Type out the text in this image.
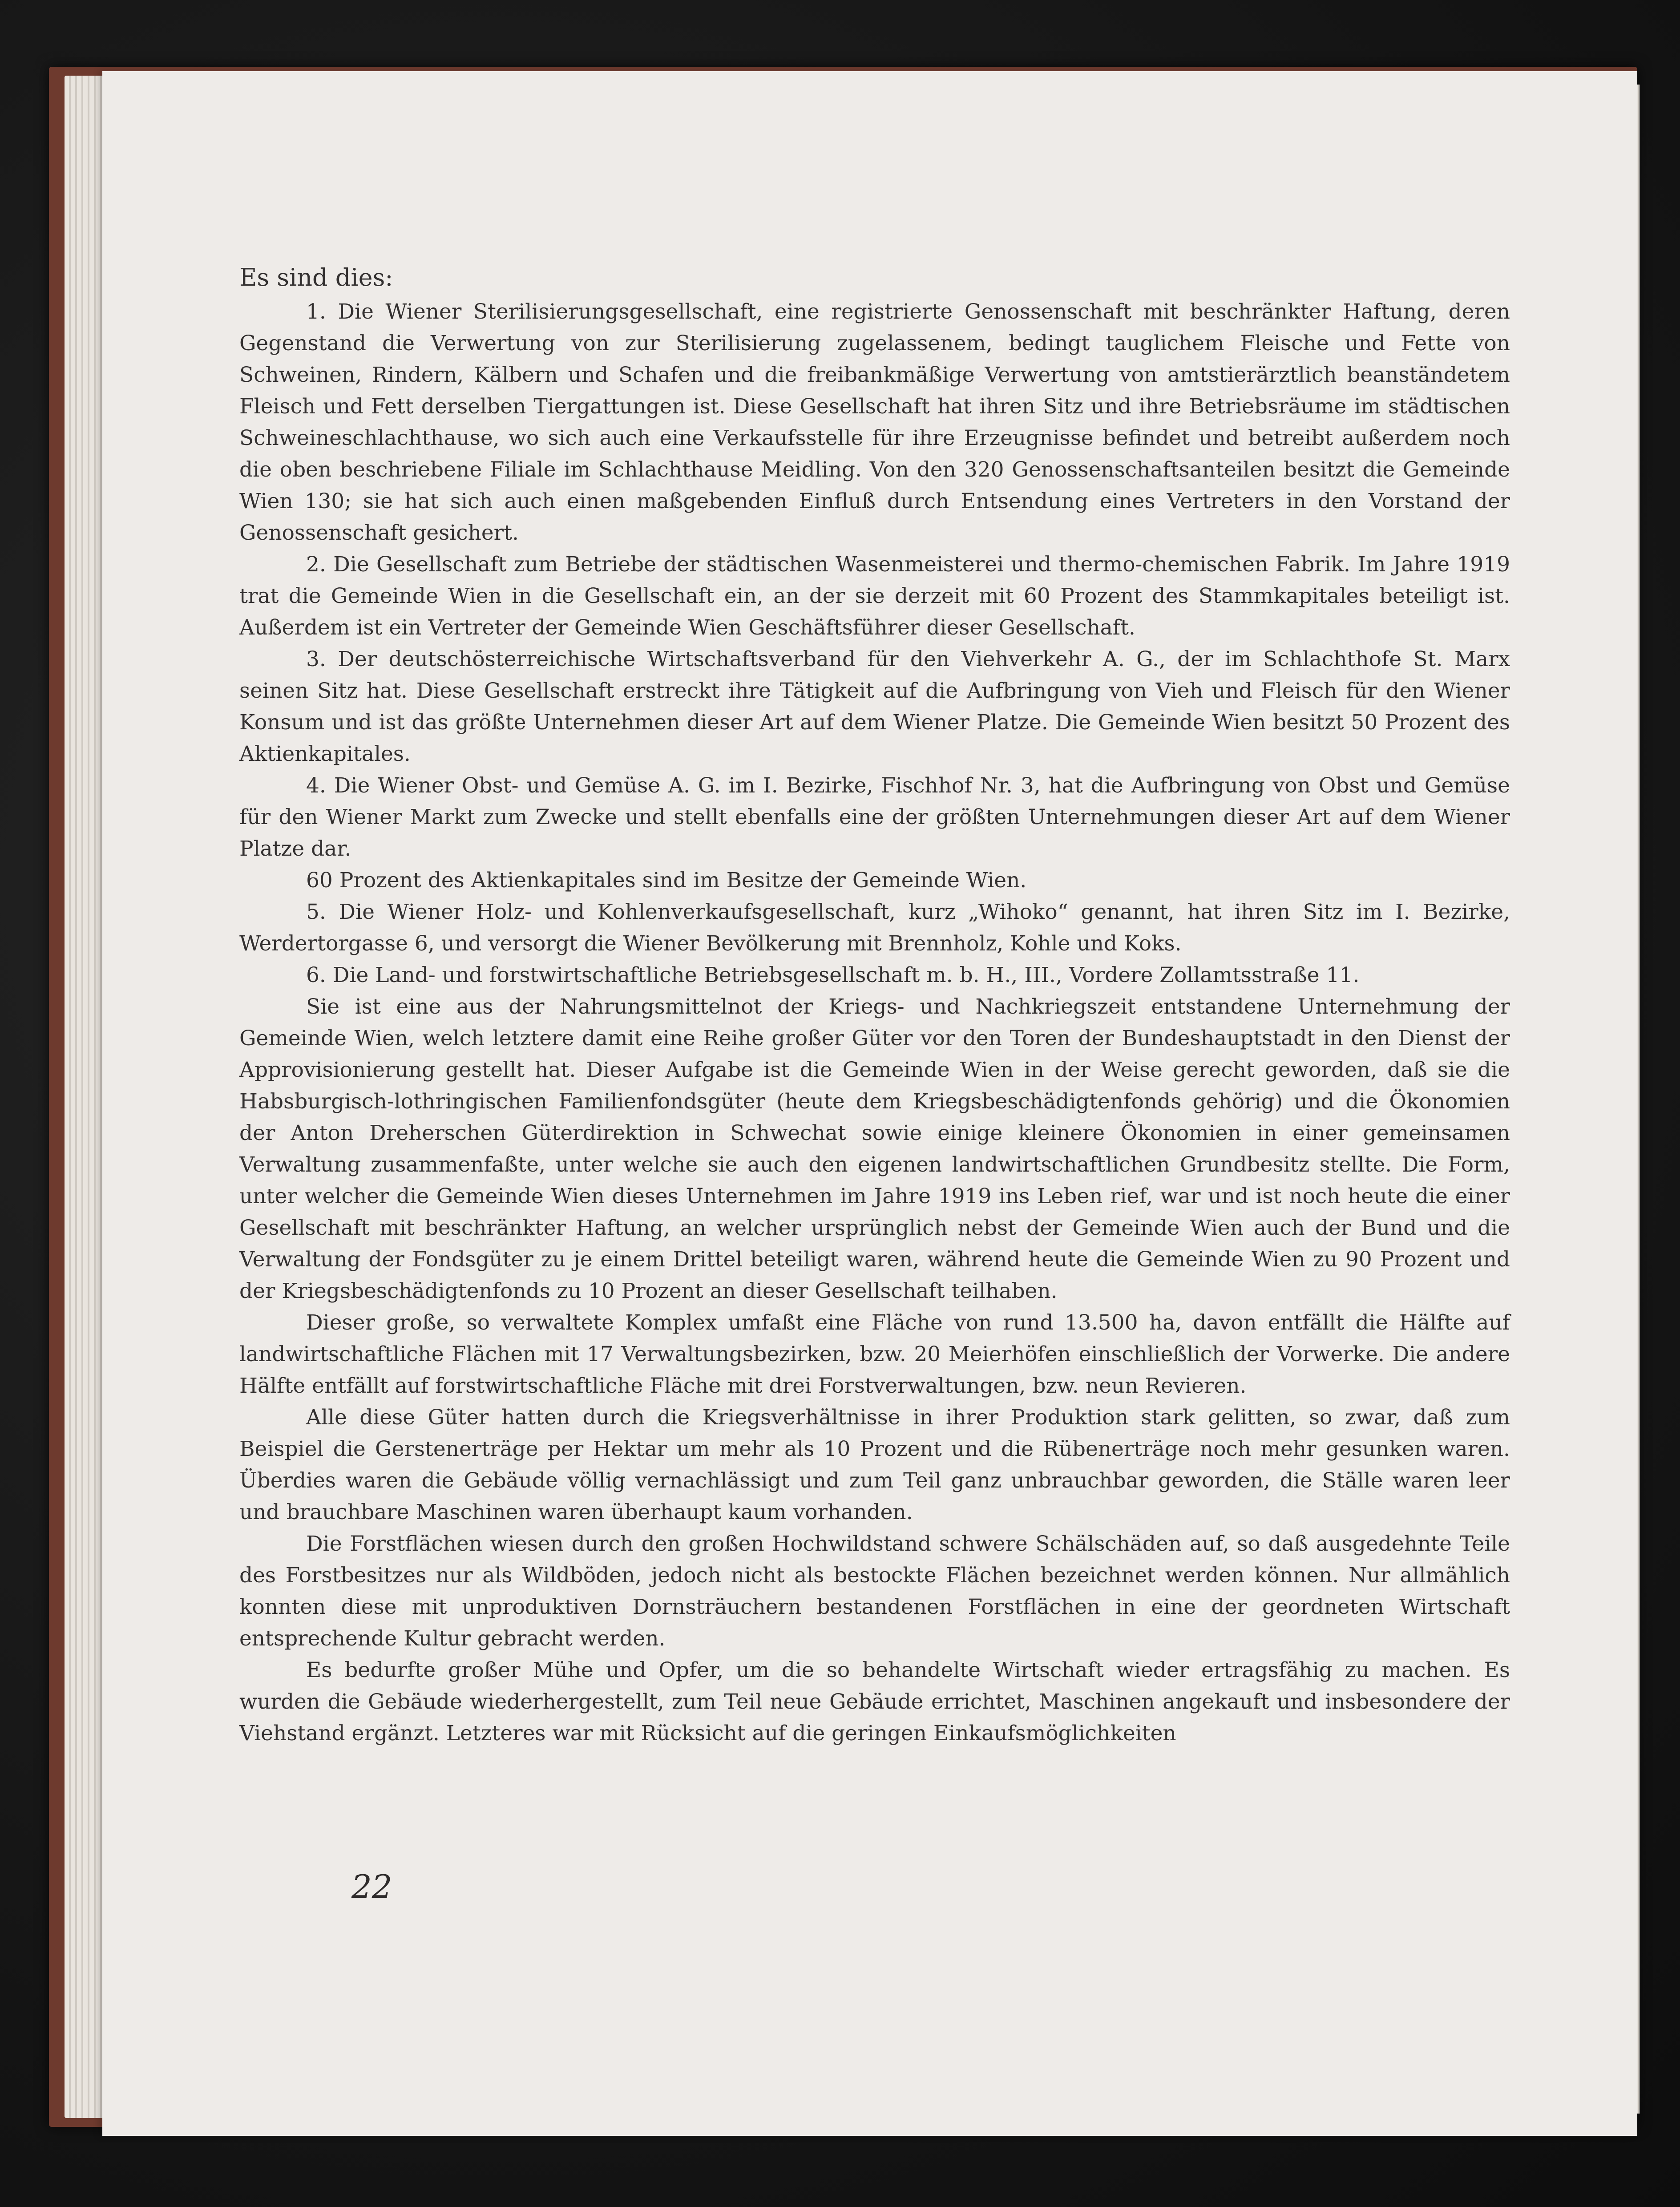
Es sind dies:

1. Die Wiener Sterilisierungsgesellschaft, eine registrierte Genossenschaft mit beschränkter Haftung, deren Gegenstand die Verwertung von zur Sterilisierung zugelassenem, bedingt tauglichem Fleische und Fette von Schweinen, Rindern, Kälbern und Schafen und die freibankmäßige Verwertung von amtstierärztlich beanständetem Fleisch und Fett derselben Tiergattungen ist. Diese Gesellschaft hat ihren Sitz und ihre Betriebsräume im städtischen Schweineschlachthause, wo sich auch eine Verkaufsstelle für ihre Erzeugnisse befindet und betreibt außerdem noch die oben beschriebene Filiale im Schlachthause Meidling. Von den 320 Genossenschaftsanteilen besitzt die Gemeinde Wien 130; sie hat sich auch einen maßgebenden Einfluß durch Entsendung eines Vertreters in den Vorstand der Genossenschaft gesichert.

2. Die Gesellschaft zum Betriebe der städtischen Wasenmeisterei und thermo-chemischen Fabrik. Im Jahre 1919 trat die Gemeinde Wien in die Gesellschaft ein, an der sie derzeit mit 60 Prozent des Stammkapitales beteiligt ist. Außerdem ist ein Vertreter der Gemeinde Wien Geschäftsführer dieser Gesellschaft.

3. Der deutschösterreichische Wirtschaftsverband für den Viehverkehr A. G., der im Schlachthofe St. Marx seinen Sitz hat. Diese Gesellschaft erstreckt ihre Tätigkeit auf die Aufbringung von Vieh und Fleisch für den Wiener Konsum und ist das größte Unternehmen dieser Art auf dem Wiener Platze. Die Gemeinde Wien besitzt 50 Prozent des Aktienkapitales.

4. Die Wiener Obst- und Gemüse A. G. im I. Bezirke, Fischhof Nr. 3, hat die Aufbringung von Obst und Gemüse für den Wiener Markt zum Zwecke und stellt ebenfalls eine der größten Unternehmungen dieser Art auf dem Wiener Platze dar.

60 Prozent des Aktienkapitales sind im Besitze der Gemeinde Wien.

5. Die Wiener Holz- und Kohlenverkaufsgesellschaft, kurz „Wihoko“ genannt, hat ihren Sitz im I. Bezirke, Werdertorgasse 6, und versorgt die Wiener Bevölkerung mit Brennholz, Kohle und Koks.

6. Die Land- und forstwirtschaftliche Betriebsgesellschaft m. b. H., III., Vordere Zollamtsstraße 11.

Sie ist eine aus der Nahrungsmittelnot der Kriegs- und Nachkriegszeit entstandene Unternehmung der Gemeinde Wien, welch letztere damit eine Reihe großer Güter vor den Toren der Bundeshauptstadt in den Dienst der Approvisionierung gestellt hat. Dieser Aufgabe ist die Gemeinde Wien in der Weise gerecht geworden, daß sie die Habsburgisch-lothringischen Familienfondsgüter (heute dem Kriegsbeschädigtenfonds gehörig) und die Ökonomien der Anton Dreherschen Güterdirektion in Schwechat sowie einige kleinere Ökonomien in einer gemeinsamen Verwaltung zusammenfaßte, unter welche sie auch den eigenen landwirtschaftlichen Grundbesitz stellte. Die Form, unter welcher die Gemeinde Wien dieses Unternehmen im Jahre 1919 ins Leben rief, war und ist noch heute die einer Gesellschaft mit beschränkter Haftung, an welcher ursprünglich nebst der Gemeinde Wien auch der Bund und die Verwaltung der Fondsgüter zu je einem Drittel beteiligt waren, während heute die Gemeinde Wien zu 90 Prozent und der Kriegsbeschädigtenfonds zu 10 Prozent an dieser Gesellschaft teilhaben.

Dieser große, so verwaltete Komplex umfaßt eine Fläche von rund 13.500 ha, davon entfällt die Hälfte auf landwirtschaftliche Flächen mit 17 Verwaltungsbezirken, bzw. 20 Meierhöfen einschließlich der Vorwerke. Die andere Hälfte entfällt auf forstwirtschaftliche Fläche mit drei Forstverwaltungen, bzw. neun Revieren.

Alle diese Güter hatten durch die Kriegsverhältnisse in ihrer Produktion stark gelitten, so zwar, daß zum Beispiel die Gerstenerträge per Hektar um mehr als 10 Prozent und die Rübenerträge noch mehr gesunken waren. Überdies waren die Gebäude völlig vernachlässigt und zum Teil ganz unbrauchbar geworden, die Ställe waren leer und brauchbare Maschinen waren überhaupt kaum vorhanden.

Die Forstflächen wiesen durch den großen Hochwildstand schwere Schälschäden auf, so daß ausgedehnte Teile des Forstbesitzes nur als Wildböden, jedoch nicht als bestockte Flächen bezeichnet werden können. Nur allmählich konnten diese mit unproduktiven Dornsträuchern bestandenen Forstflächen in eine der geordneten Wirtschaft entsprechende Kultur gebracht werden.

Es bedurfte großer Mühe und Opfer, um die so behandelte Wirtschaft wieder ertragsfähig zu machen. Es wurden die Gebäude wiederhergestellt, zum Teil neue Gebäude errichtet, Maschinen angekauft und insbesondere der Viehstand ergänzt. Letzteres war mit Rücksicht auf die geringen Einkaufsmöglichkeiten

22
